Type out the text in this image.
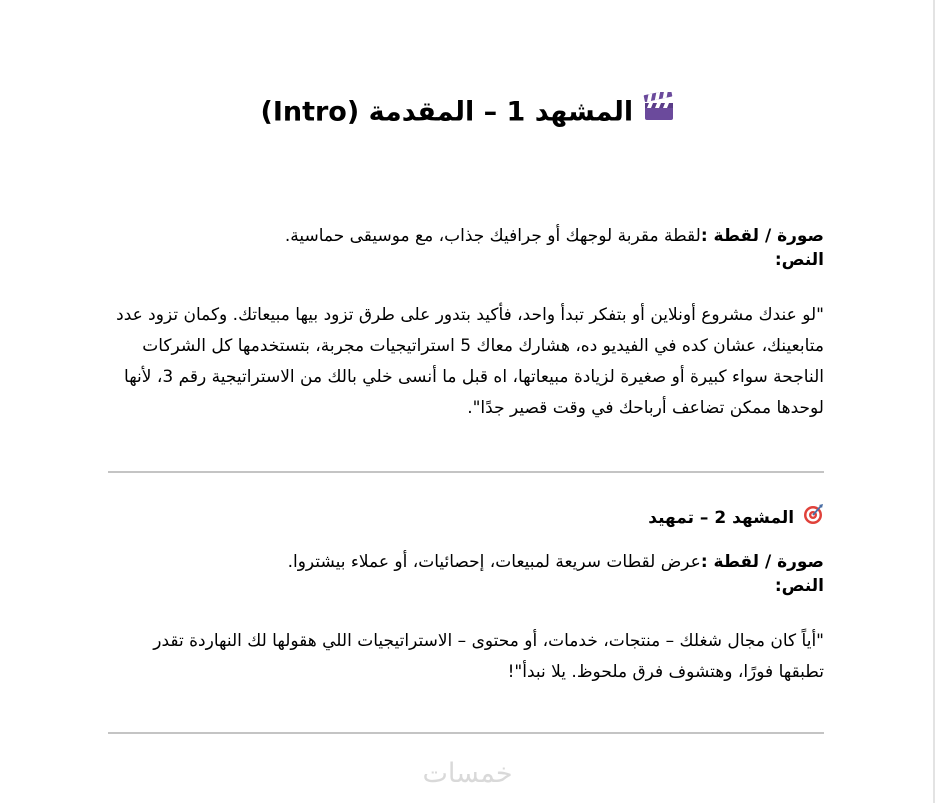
المشهد 1 – المقدمة (Intro)
صورة / لقطة :لقطة مقربة لوجهك أو جرافيك جذاب، مع موسيقى حماسية.
النص:
"لو عندك مشروع أونلاين أو بتفكر تبدأ واحد، فأكيد بتدور على طرق تزود بيها مبيعاتك. وكمان تزود عدد متابعينك، عشان كده في الفيديو ده، هشارك معاك 5 استراتيجيات مجربة، بتستخدمها كل الشركات الناجحة سواء كبيرة أو صغيرة لزيادة مبيعاتها، اه قبل ما أنسى خلي بالك من الاستراتيجية رقم 3، لأنها لوحدها ممكن تضاعف أرباحك في وقت قصير جدًا".
المشهد 2 – تمهيد
صورة / لقطة :عرض لقطات سريعة لمبيعات، إحصائيات، أو عملاء بيشتروا.
النص:
"أياً كان مجال شغلك – منتجات، خدمات، أو محتوى – الاستراتيجيات اللي هقولها لك النهاردة تقدر تطبقها فورًا، وهتشوف فرق ملحوظ. يلا نبدأ"!
خمسات
